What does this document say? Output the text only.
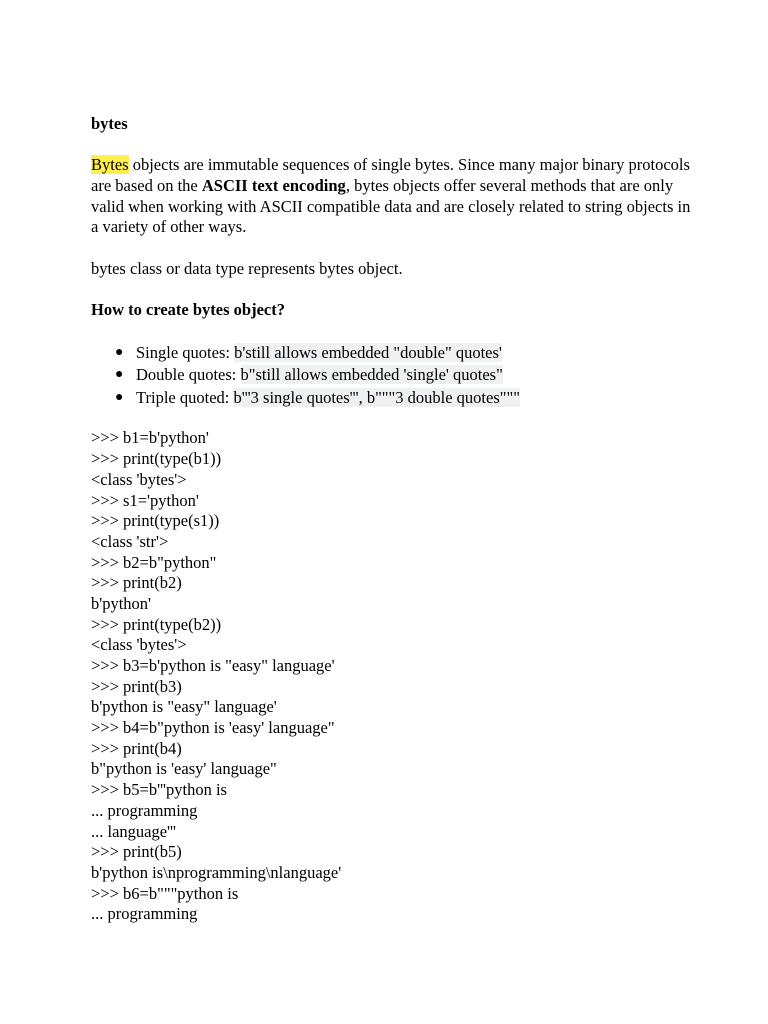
bytes

Bytes objects are immutable sequences of single bytes. Since many major binary protocols are based on the ASCII text encoding, bytes objects offer several methods that are only valid when working with ASCII compatible data and are closely related to string objects in a variety of other ways.

bytes class or data type represents bytes object.

How to create bytes object?

● Single quotes: b'still allows embedded "double" quotes'
● Double quotes: b"still allows embedded 'single' quotes"
● Triple quoted: b'''3 single quotes''', b"""3 double quotes"""
>>> b1=b'python'
>>> print(type(b1))
<class 'bytes'>
>>> s1='python'
>>> print(type(s1))
<class 'str'>
>>> b2=b"python"
>>> print(b2)
b'python'
>>> print(type(b2))
<class 'bytes'>
>>> b3=b'python is "easy" language'
>>> print(b3)
b'python is "easy" language'
>>> b4=b"python is 'easy' language"
>>> print(b4)
b"python is 'easy' language"
>>> b5=b'''python is
... programming
... language'''
>>> print(b5)
b'python is\nprogramming\nlanguage'
>>> b6=b"""python is
... programming
